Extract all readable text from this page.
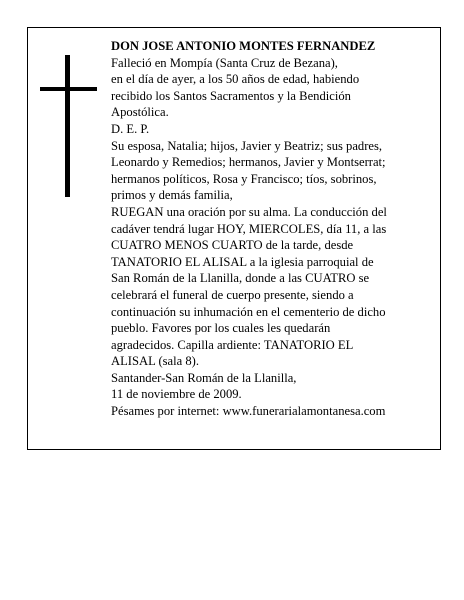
DON JOSE ANTONIO MONTES FERNANDEZ

Falleció en Mompía (Santa Cruz de Bezana),

en el día de ayer, a los 50 años de edad, habiendo

recibido los Santos Sacramentos y la Bendición

Apostólica.

D. E. P.

Su esposa, Natalia; hijos, Javier y Beatriz; sus padres,

Leonardo y Remedios; hermanos, Javier y Montserrat;

hermanos políticos, Rosa y Francisco; tíos, sobrinos,

primos y demás familia,

RUEGAN una oración por su alma. La conducción del

cadáver tendrá lugar HOY, MIERCOLES, día 11, a las

CUATRO MENOS CUARTO de la tarde, desde

TANATORIO EL ALISAL a la iglesia parroquial de

San Román de la Llanilla, donde a las CUATRO se

celebrará el funeral de cuerpo presente, siendo a

continuación su inhumación en el cementerio de dicho

pueblo. Favores por los cuales les quedarán

agradecidos. Capilla ardiente: TANATORIO EL

ALISAL (sala 8).

Santander-San Román de la Llanilla,

11 de noviembre de 2009.

Pésames por internet: www.funerarialamontanesa.com
